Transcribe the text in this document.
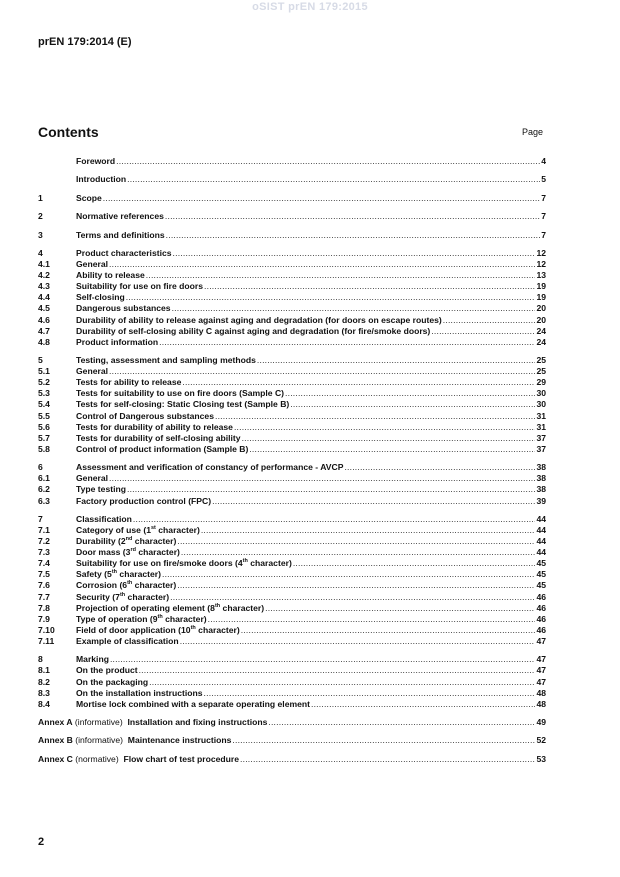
oSIST prEN 179:2015
prEN 179:2014 (E)
Contents	Page
Foreword .....	4
Introduction .....	5
1	Scope .....	7
2	Normative references .....	7
3	Terms and definitions .....	7
4	Product characteristics .....	12
4.1	General .....	12
4.2	Ability to release .....	13
4.3	Suitability for use on fire doors .....	19
4.4	Self-closing .....	19
4.5	Dangerous substances .....	20
4.6	Durability of ability to release against aging and degradation (for doors on escape routes) .....	20
4.7	Durability of self-closing ability C against aging and degradation (for fire/smoke doors) .....	24
4.8	Product information .....	24
5	Testing, assessment and sampling methods .....	25
5.1	General .....	25
5.2	Tests for ability to release .....	29
5.3	Tests for suitability to use on fire doors (Sample C) .....	30
5.4	Tests for self-closing: Static Closing test (Sample B) .....	30
5.5	Control of Dangerous substances .....	31
5.6	Tests for durability of ability to release .....	31
5.7	Tests for durability of self-closing ability .....	37
5.8	Control of product information (Sample B) .....	37
6	Assessment and verification of constancy of performance - AVCP .....	38
6.1	General .....	38
6.2	Type testing .....	38
6.3	Factory production control (FPC) .....	39
7	Classification .....	44
7.1	Category of use (1st character) .....	44
7.2	Durability (2nd character) .....	44
7.3	Door mass (3rd character) .....	44
7.4	Suitability for use on fire/smoke doors (4th character) .....	45
7.5	Safety (5th character) .....	45
7.6	Corrosion (6th character) .....	45
7.7	Security (7th character) .....	46
7.8	Projection of operating element (8th character) .....	46
7.9	Type of operation (9th character) .....	46
7.10	Field of door application (10th character) .....	46
7.11	Example of classification .....	47
8	Marking .....	47
8.1	On the product .....	47
8.2	On the packaging .....	47
8.3	On the installation instructions .....	48
8.4	Mortise lock combined with a separate operating element .....	48
Annex A (informative) Installation and fixing instructions .....	49
Annex B (informative) Maintenance instructions .....	52
Annex C (normative) Flow chart of test procedure .....	53
2
